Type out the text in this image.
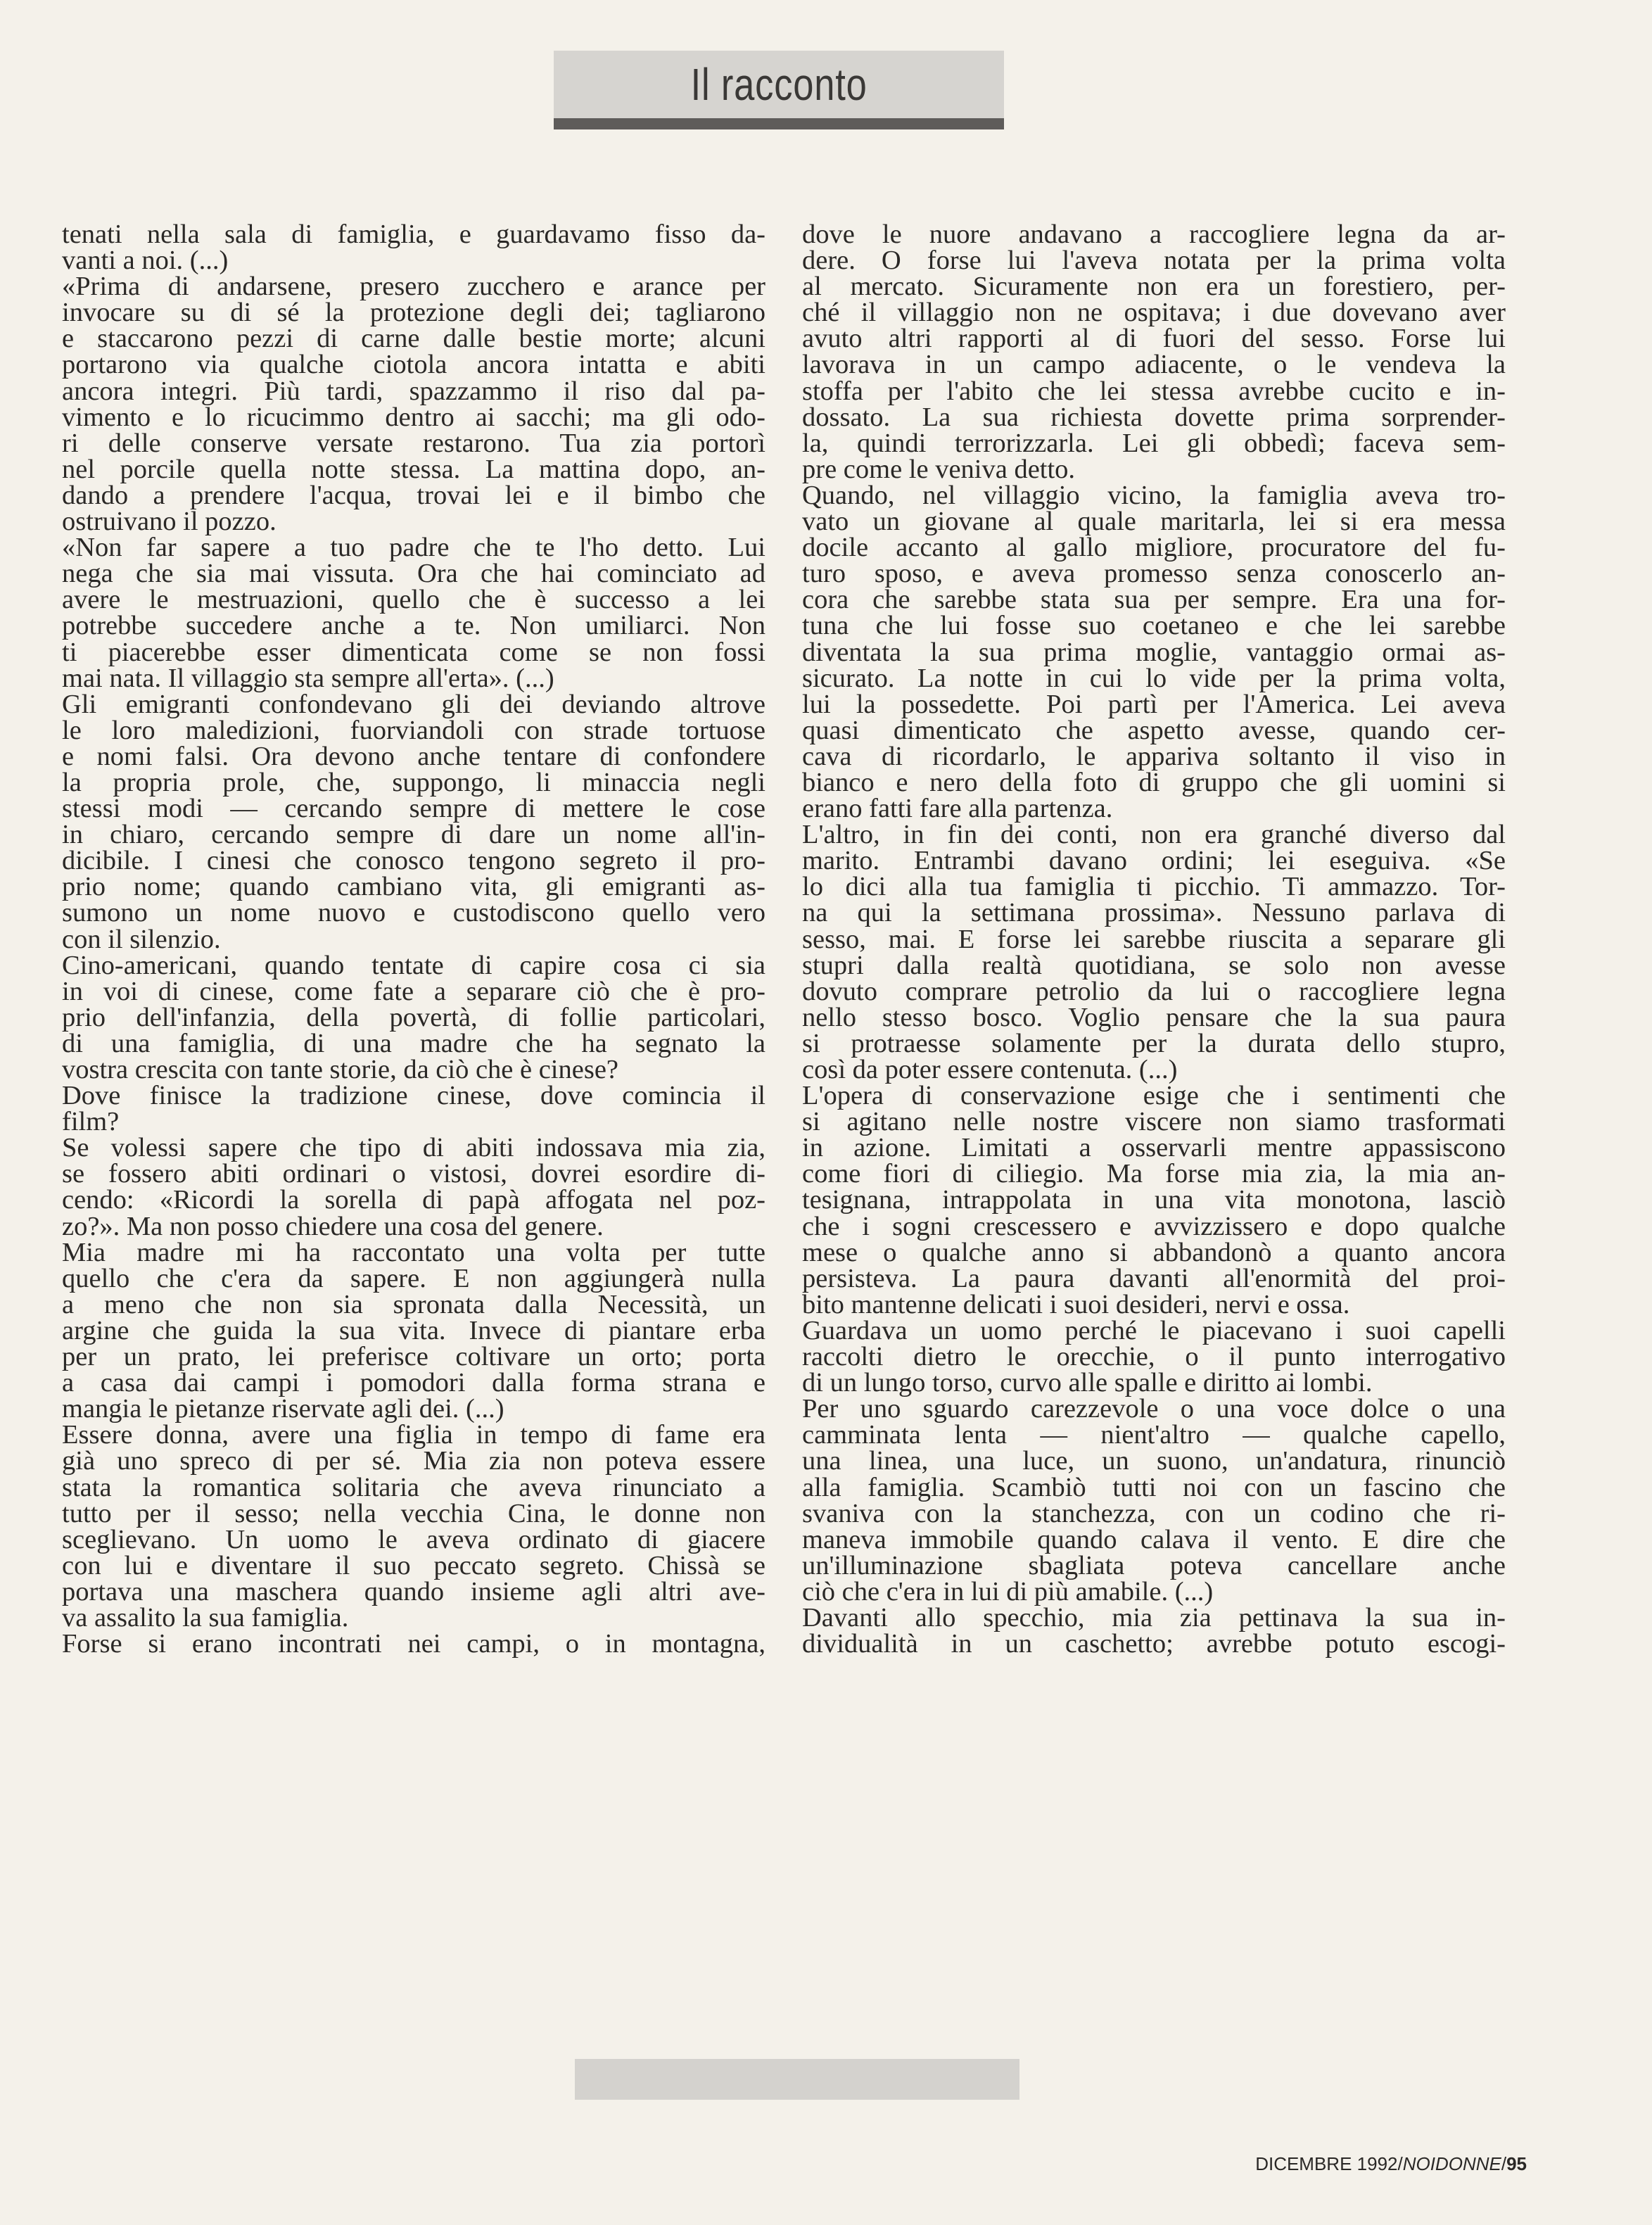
Il racconto
tenati nella sala di famiglia, e guardavamo fisso da-
vanti a noi. (...)
«Prima di andarsene, presero zucchero e arance per
invocare su di sé la protezione degli dei; tagliarono
e staccarono pezzi di carne dalle bestie morte; alcuni
portarono via qualche ciotola ancora intatta e abiti
ancora integri. Più tardi, spazzammo il riso dal pa-
vimento e lo ricucimmo dentro ai sacchi; ma gli odo-
ri delle conserve versate restarono. Tua zia portorì
nel porcile quella notte stessa. La mattina dopo, an-
dando a prendere l'acqua, trovai lei e il bimbo che
ostruivano il pozzo.
«Non far sapere a tuo padre che te l'ho detto. Lui
nega che sia mai vissuta. Ora che hai cominciato ad
avere le mestruazioni, quello che è successo a lei
potrebbe succedere anche a te. Non umiliarci. Non
ti piacerebbe esser dimenticata come se non fossi
mai nata. Il villaggio sta sempre all'erta». (...)
Gli emigranti confondevano gli dei deviando altrove
le loro maledizioni, fuorviandoli con strade tortuose
e nomi falsi. Ora devono anche tentare di confondere
la propria prole, che, suppongo, li minaccia negli
stessi modi — cercando sempre di mettere le cose
in chiaro, cercando sempre di dare un nome all'in-
dicibile. I cinesi che conosco tengono segreto il pro-
prio nome; quando cambiano vita, gli emigranti as-
sumono un nome nuovo e custodiscono quello vero
con il silenzio.
Cino-americani, quando tentate di capire cosa ci sia
in voi di cinese, come fate a separare ciò che è pro-
prio dell'infanzia, della povertà, di follie particolari,
di una famiglia, di una madre che ha segnato la
vostra crescita con tante storie, da ciò che è cinese?
Dove finisce la tradizione cinese, dove comincia il
film?
Se volessi sapere che tipo di abiti indossava mia zia,
se fossero abiti ordinari o vistosi, dovrei esordire di-
cendo: «Ricordi la sorella di papà affogata nel poz-
zo?». Ma non posso chiedere una cosa del genere.
Mia madre mi ha raccontato una volta per tutte
quello che c'era da sapere. E non aggiungerà nulla
a meno che non sia spronata dalla Necessità, un
argine che guida la sua vita. Invece di piantare erba
per un prato, lei preferisce coltivare un orto; porta
a casa dai campi i pomodori dalla forma strana e
mangia le pietanze riservate agli dei. (...)
Essere donna, avere una figlia in tempo di fame era
già uno spreco di per sé. Mia zia non poteva essere
stata la romantica solitaria che aveva rinunciato a
tutto per il sesso; nella vecchia Cina, le donne non
sceglievano. Un uomo le aveva ordinato di giacere
con lui e diventare il suo peccato segreto. Chissà se
portava una maschera quando insieme agli altri ave-
va assalito la sua famiglia.
Forse si erano incontrati nei campi, o in montagna,
dove le nuore andavano a raccogliere legna da ar-
dere. O forse lui l'aveva notata per la prima volta
al mercato. Sicuramente non era un forestiero, per-
ché il villaggio non ne ospitava; i due dovevano aver
avuto altri rapporti al di fuori del sesso. Forse lui
lavorava in un campo adiacente, o le vendeva la
stoffa per l'abito che lei stessa avrebbe cucito e in-
dossato. La sua richiesta dovette prima sorprender-
la, quindi terrorizzarla. Lei gli obbedì; faceva sem-
pre come le veniva detto.
Quando, nel villaggio vicino, la famiglia aveva tro-
vato un giovane al quale maritarla, lei si era messa
docile accanto al gallo migliore, procuratore del fu-
turo sposo, e aveva promesso senza conoscerlo an-
cora che sarebbe stata sua per sempre. Era una for-
tuna che lui fosse suo coetaneo e che lei sarebbe
diventata la sua prima moglie, vantaggio ormai as-
sicurato. La notte in cui lo vide per la prima volta,
lui la possedette. Poi partì per l'America. Lei aveva
quasi dimenticato che aspetto avesse, quando cer-
cava di ricordarlo, le appariva soltanto il viso in
bianco e nero della foto di gruppo che gli uomini si
erano fatti fare alla partenza.
L'altro, in fin dei conti, non era granché diverso dal
marito. Entrambi davano ordini; lei eseguiva. «Se
lo dici alla tua famiglia ti picchio. Ti ammazzo. Tor-
na qui la settimana prossima». Nessuno parlava di
sesso, mai. E forse lei sarebbe riuscita a separare gli
stupri dalla realtà quotidiana, se solo non avesse
dovuto comprare petrolio da lui o raccogliere legna
nello stesso bosco. Voglio pensare che la sua paura
si protraesse solamente per la durata dello stupro,
così da poter essere contenuta. (...)
L'opera di conservazione esige che i sentimenti che
si agitano nelle nostre viscere non siamo trasformati
in azione. Limitati a osservarli mentre appassiscono
come fiori di ciliegio. Ma forse mia zia, la mia an-
tesignana, intrappolata in una vita monotona, lasciò
che i sogni crescessero e avvizzissero e dopo qualche
mese o qualche anno si abbandonò a quanto ancora
persisteva. La paura davanti all'enormità del proi-
bito mantenne delicati i suoi desideri, nervi e ossa.
Guardava un uomo perché le piacevano i suoi capelli
raccolti dietro le orecchie, o il punto interrogativo
di un lungo torso, curvo alle spalle e diritto ai lombi.
Per uno sguardo carezzevole o una voce dolce o una
camminata lenta — nient'altro — qualche capello,
una linea, una luce, un suono, un'andatura, rinunciò
alla famiglia. Scambiò tutti noi con un fascino che
svaniva con la stanchezza, con un codino che ri-
maneva immobile quando calava il vento. E dire che
un'illuminazione sbagliata poteva cancellare anche
ciò che c'era in lui di più amabile. (...)
Davanti allo specchio, mia zia pettinava la sua in-
dividualità in un caschetto; avrebbe potuto escogi-
DICEMBRE 1992/NOIDONNE/95
